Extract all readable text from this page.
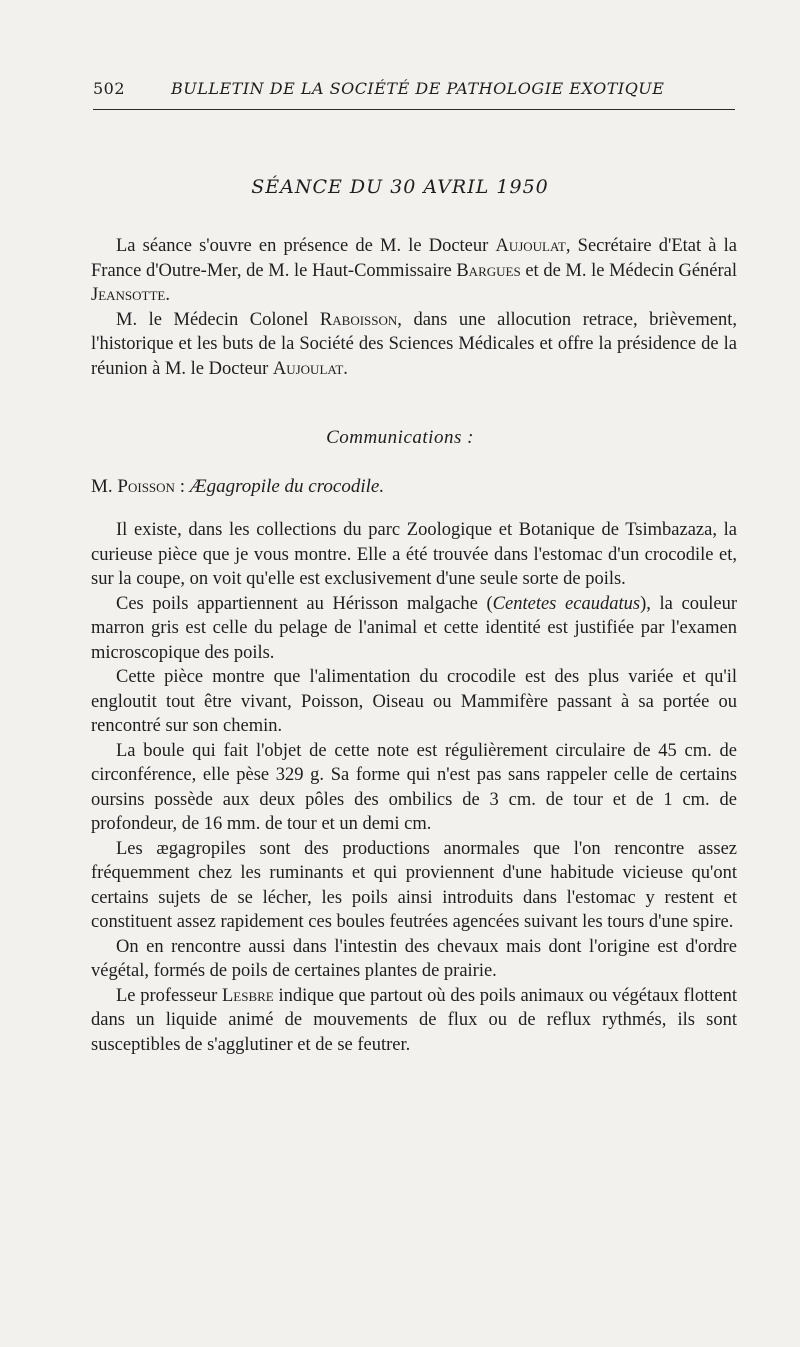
502	BULLETIN DE LA SOCIÉTÉ DE PATHOLOGIE EXOTIQUE
SÉANCE DU 30 AVRIL 1950

La séance s'ouvre en présence de M. le Docteur Aujoulat, Secrétaire d'Etat à la France d'Outre-Mer, de M. le Haut-Commissaire Bargues et de M. le Médecin Général Jeansotte.

M. le Médecin Colonel Raboisson, dans une allocution retrace, brièvement, l'historique et les buts de la Société des Sciences Médicales et offre la présidence de la réunion à M. le Docteur Aujoulat.

Communications :
M. Poisson : Ægagropile du crocodile.

Il existe, dans les collections du parc Zoologique et Botanique de Tsimbazaza, la curieuse pièce que je vous montre. Elle a été trouvée dans l'estomac d'un crocodile et, sur la coupe, on voit qu'elle est exclusivement d'une seule sorte de poils.

Ces poils appartiennent au Hérisson malgache (Centetes ecaudatus), la couleur marron gris est celle du pelage de l'animal et cette identité est justifiée par l'examen microscopique des poils.

Cette pièce montre que l'alimentation du crocodile est des plus variée et qu'il engloutit tout être vivant, Poisson, Oiseau ou Mammifère passant à sa portée ou rencontré sur son chemin.

La boule qui fait l'objet de cette note est régulièrement circulaire de 45 cm. de circonférence, elle pèse 329 g. Sa forme qui n'est pas sans rappeler celle de certains oursins possède aux deux pôles des ombilics de 3 cm. de tour et de 1 cm. de profondeur, de 16 mm. de tour et un demi cm.

Les ægagropiles sont des productions anormales que l'on rencontre assez fréquemment chez les ruminants et qui proviennent d'une habitude vicieuse qu'ont certains sujets de se lécher, les poils ainsi introduits dans l'estomac y restent et constituent assez rapidement ces boules feutrées agencées suivant les tours d'une spire.

On en rencontre aussi dans l'intestin des chevaux mais dont l'origine est d'ordre végétal, formés de poils de certaines plantes de prairie.

Le professeur Lesbre indique que partout où des poils animaux ou végétaux flottent dans un liquide animé de mouvements de flux ou de reflux rythmés, ils sont susceptibles de s'agglutiner et de se feutrer.
